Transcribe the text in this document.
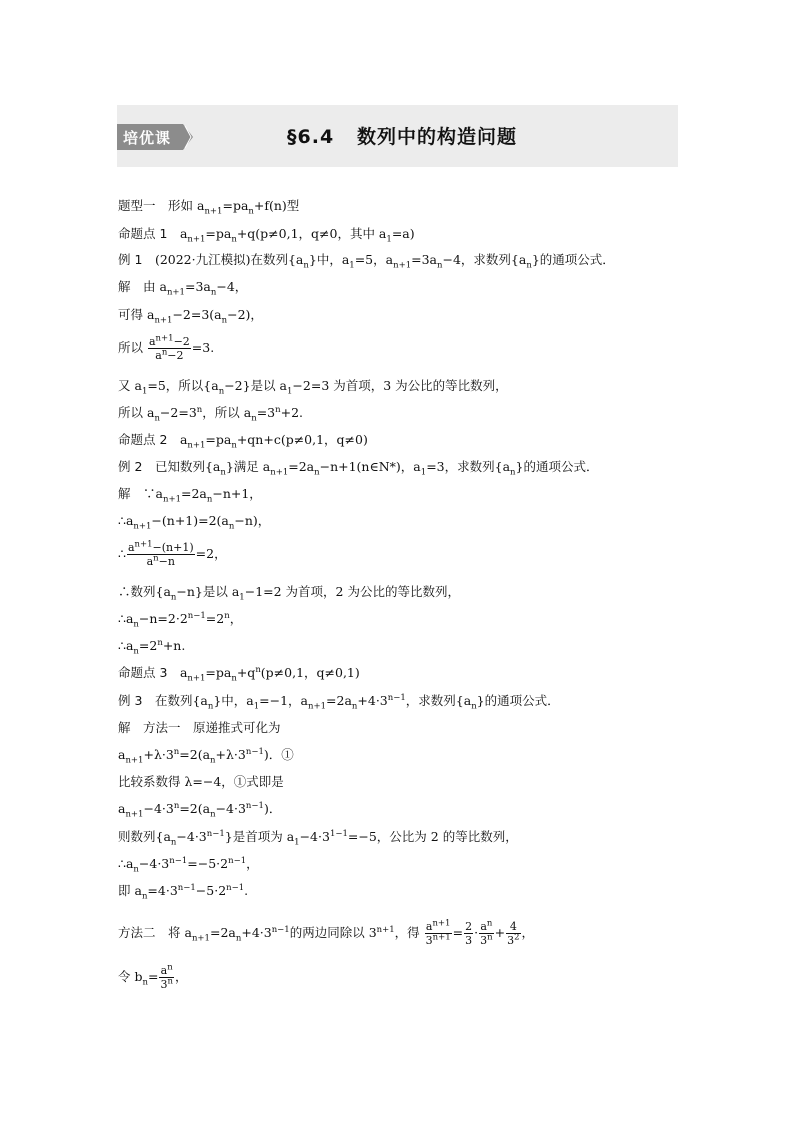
培优课	§6.4 数列中的构造问题
题型一　形如 $a_{n+1}=pa_n+f(n)$型
命题点 1　$a_{n+1}=pa_n+q(p\ne 0,1$，q≠0，其中 $a_1=a$)
例 1　(2022·九江模拟)在数列$\{a_n\}$中，$a_1=5$，$a_{n+1}=3a_n-4$，求数列$\{a_n\}$的通项公式．
解　由 $a_{n+1}=3a_n-4$，
可得 $a_{n+1}-2=3(a_n-2)$，
所以 $\frac{a^{n+1}-2}{a^n-2} =3$.
又 $a_1=5$，所以$\{a_n-2\}$是以 $a_1-2=3$ 为首项，3 为公比的等比数列，
所以 $a_n-2=3^n$，所以 $a_n=3^n+2$.
命题点 2　$a_{n+1}=pa_n+qn+c(p\ne 0,1$，q≠0)
例 2　已知数列$\{a_n\}$满足 $a_{n+1}=2a_n-n+1(n\in N*)$，$a_1=3$，求数列$\{a_n\}$的通项公式．
解　$\because a_{n+1}=2a_n-n+1$，
$\therefore a_{n+1}-(n+1)=2(a_n-n)$，
∴ $\frac{a^{n+1}-(n+1)}{a^n-n} =2$，
∴数列$\{a_n-n\}$是以 $a_1-1=2$ 为首项，2 为公比的等比数列，
$\therefore a_n-n=2\cdot 2^{n-1}=2^n$，
$\therefore a_n=2^n+n$.
命题点 3　$a_{n+1}=pa_n+q^n(p\ne 0,1$，q≠0,1)
例 3　在数列$\{a_n\}$中，$a_1=-1$，$a_{n+1}=2a_n+4\cdot 3^{n-1}$，求数列$\{a_n\}$的通项公式．
解　 方法一　原递推式可化为
$a_{n+1}+\lambda\cdot 3^n=2(a_n+\lambda\cdot 3^{n-1})$．①
比较系数得 λ=−4，①式即是
$a_{n+1}-4\cdot 3^n=2(a_n-4\cdot 3^{n-1})$．
则数列$\{a_n-4\cdot 3^{n-1}\}$是首项为 $a_1-4\cdot 3^{1-1}=-5$，公比为 2 的等比数列，
$\therefore a_n-4\cdot 3^{n-1}=-5\cdot 2^{n-1}$，
即 $a_n=4\cdot 3^{n-1}-5\cdot 2^{n-1}$.
方法二　将 $a_{n+1}=2a_n+4\cdot 3^{n-1}$的两边同除以 $3^{n+1}$，得 $\frac{a^{n+1}}{3^{n+1}} = \frac{2}{3} \cdot \frac{a^n}{3^n} + \frac{4}{3^2}$ ，
令 $b_n= \frac{a^n}{3^n}$ ，
